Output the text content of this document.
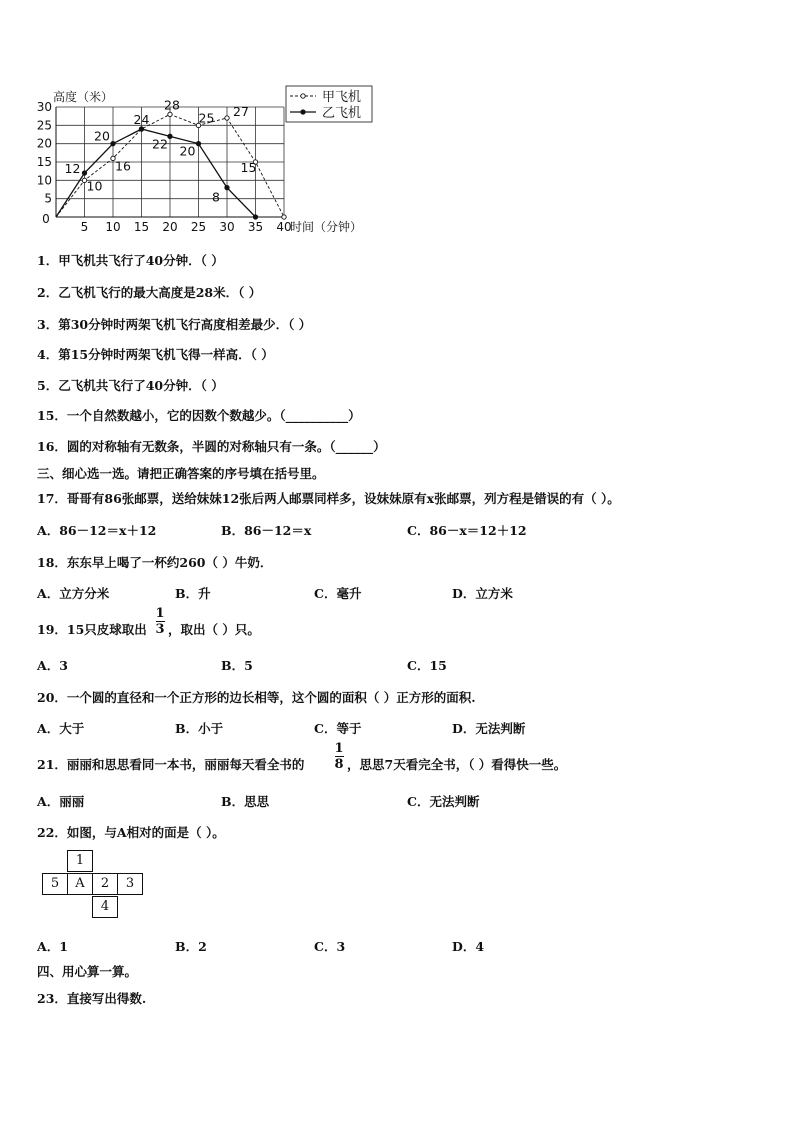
10
16
24
28
25 27
15
12
20
22 20
8
5 10 15 20 25 30 35 40
5
10
15
20
25
30
0
时间（分钟）
高度（米）	甲飞机
乙飞机
1．甲飞机共飞行了40分钟．（ ）
2．乙飞机飞行的最大高度是28米．（ ）
3．第30分钟时两架飞机飞行高度相差最少．（ ）
4．第15分钟时两架飞机飞得一样高．（ ）
5．乙飞机共飞行了40分钟．（ ）
15．一个自然数越小，它的因数个数越少。（__________）
16．圆的对称轴有无数条，半圆的对称轴只有一条。（______）
三、细心选一选。请把正确答案的序号填在括号里。
17．哥哥有86张邮票，送给妹妹12张后两人邮票同样多，设妹妹原有x张邮票，列方程是错误的有（ ）。
A．86－12＝x＋12	B．86－12＝x	C．86－x＝12＋12
18．东东早上喝了一杯约260（ ）牛奶．
A．立方分米	B．升	C．毫升	D．立方米
19．15只皮球取出
1
3 ，取出（ ）只。
A．3	B．5	C．15
20．一个圆的直径和一个正方形的边长相等，这个圆的面积（ ）正方形的面积.
A．大于	B．小于	C．等于	D．无法判断
21．丽丽和思思看同一本书，丽丽每天看全书的
1
8 ，思思7天看完全书，（ ）看得快一些。
A．丽丽	B．思思	C．无法判断
22．如图，与A相对的面是（ ）。
1
5	A	2	3
4
A．1	B．2	C．3	D．4
四、用心算一算。
23．直接写出得数.
